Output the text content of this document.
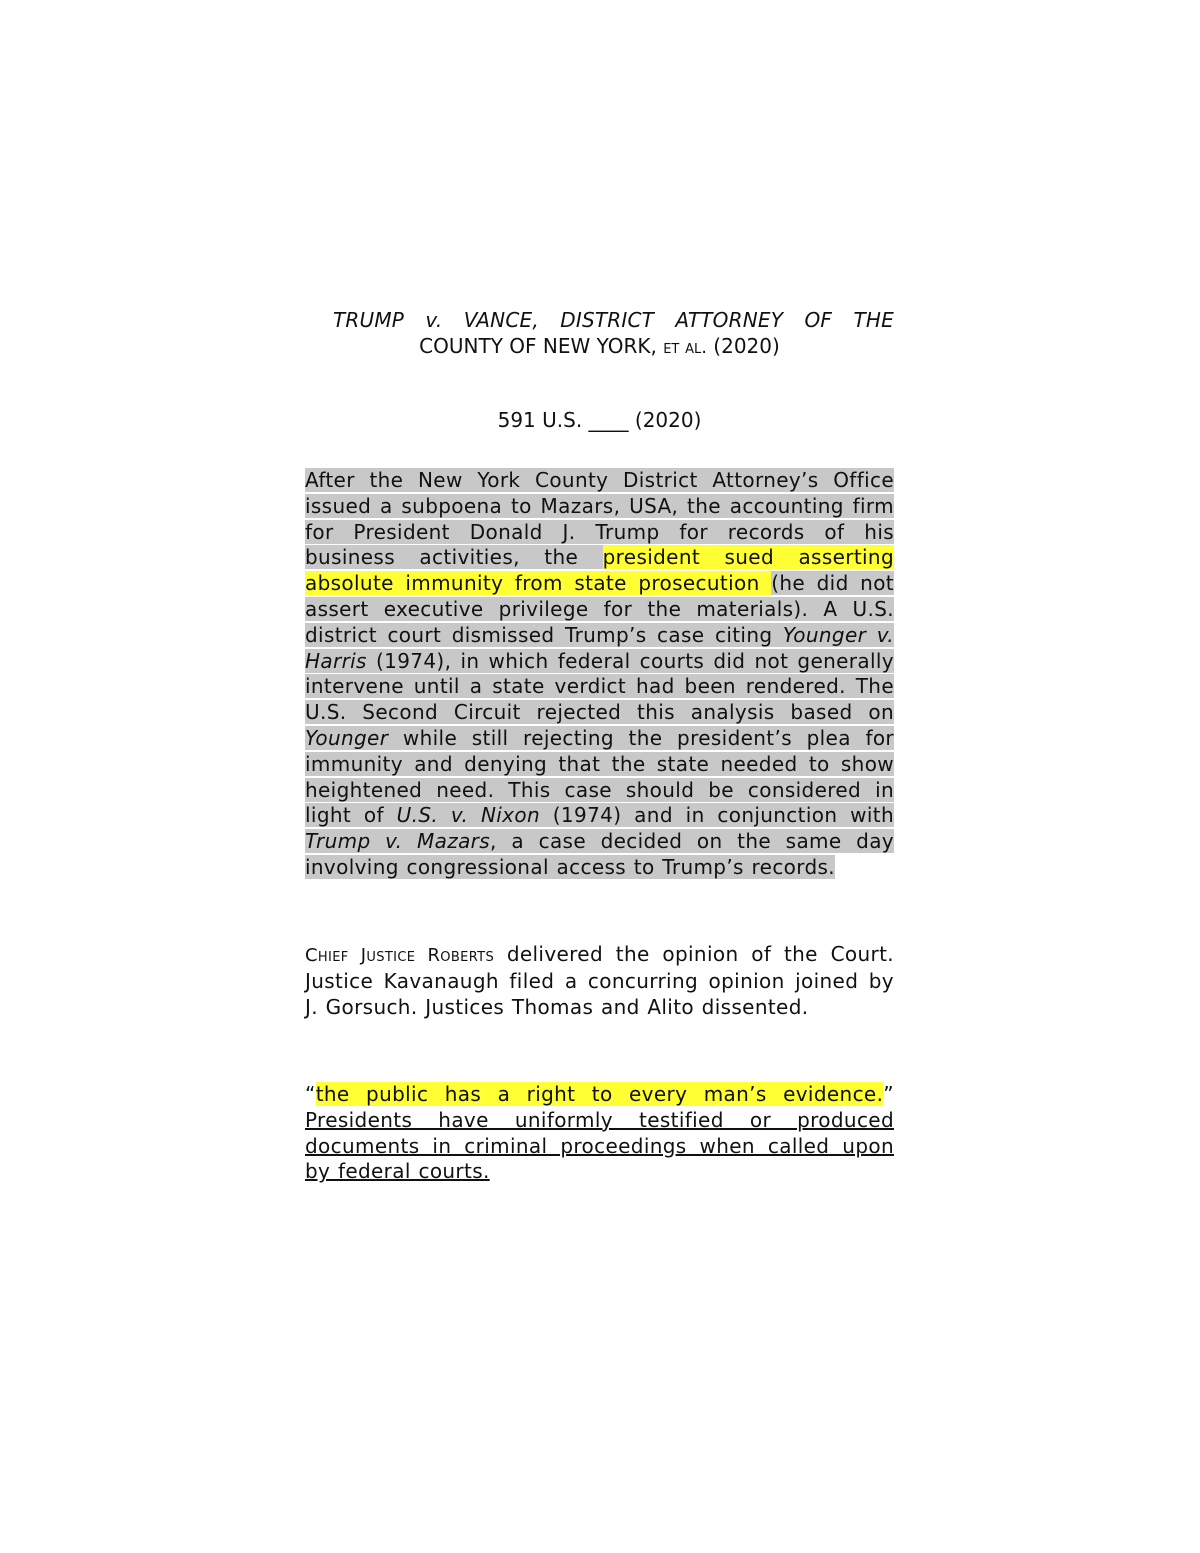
TRUMP v. VANCE, DISTRICT ATTORNEY OF THE
COUNTY OF NEW YORK, et al. (2020)
591 U.S. ____ (2020)
After the New York County District Attorney’s Office issued a subpoena to Mazars, USA, the accounting firm for President Donald J. Trump for records of his business activities, the president sued asserting absolute immunity from state prosecution (he did not assert executive privilege for the materials). A U.S. district court dismissed Trump’s case citing Younger v. Harris (1974), in which federal courts did not generally intervene until a state verdict had been rendered. The U.S. Second Circuit rejected this analysis based on Younger while still rejecting the president’s plea for immunity and denying that the state needed to show heightened need. This case should be considered in light of U.S. v. Nixon (1974) and in conjunction with Trump v. Mazars, a case decided on the same day involving congressional access to Trump’s records.
Chief Justice Roberts delivered the opinion of the Court. Justice Kavanaugh filed a concurring opinion joined by J. Gorsuch. Justices Thomas and Alito dissented.
“the public has a right to every man’s evidence.” Presidents have uniformly testified or produced documents in criminal proceedings when called upon by federal courts.
